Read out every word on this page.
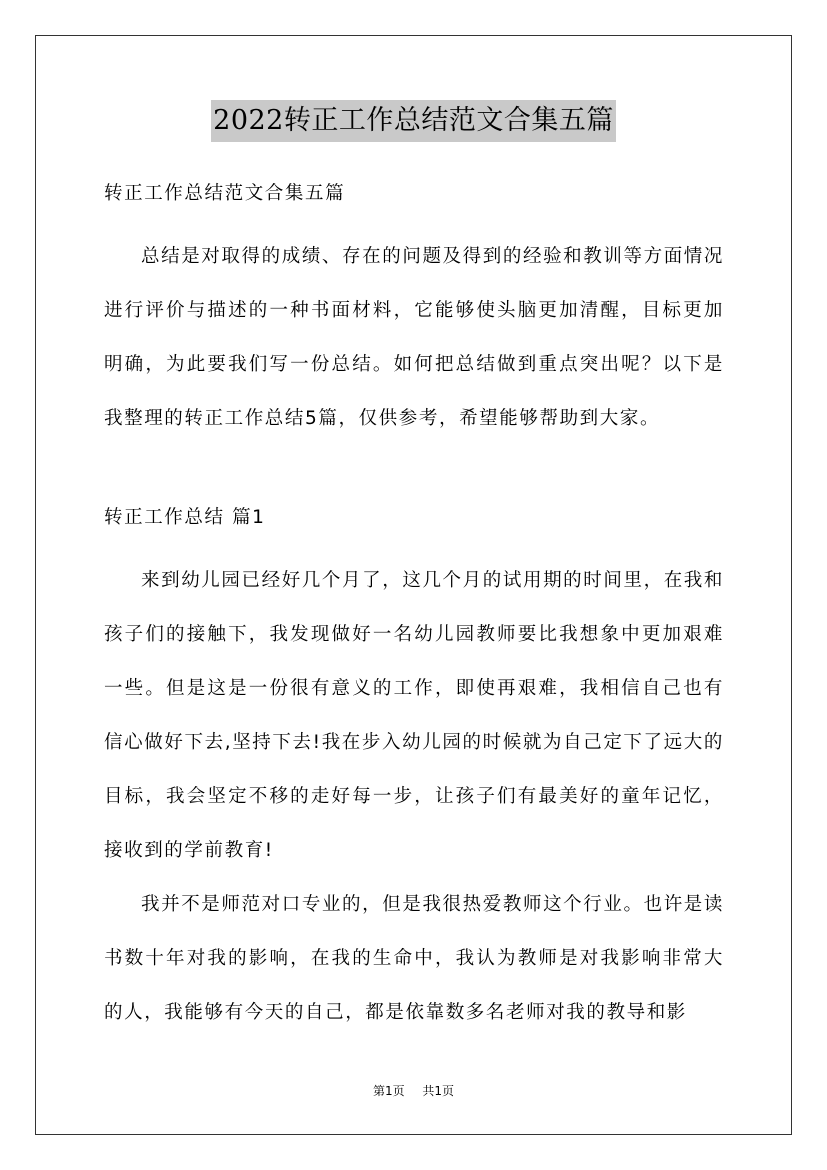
2022转正工作总结范文合集五篇

转正工作总结范文合集五篇

总结是对取得的成绩、存在的问题及得到的经验和教训等方面情况进行评价与描述的一种书面材料，它能够使头脑更加清醒，目标更加明确，为此要我们写一份总结。如何把总结做到重点突出呢？以下是我整理的转正工作总结5篇，仅供参考，希望能够帮助到大家。

转正工作总结 篇1

来到幼儿园已经好几个月了，这几个月的试用期的时间里，在我和孩子们的接触下，我发现做好一名幼儿园教师要比我想象中更加艰难一些。但是这是一份很有意义的工作，即使再艰难，我相信自己也有信心做好下去,坚持下去!我在步入幼儿园的时候就为自己定下了远大的目标，我会坚定不移的走好每一步，让孩子们有最美好的童年记忆，接收到的学前教育!

我并不是师范对口专业的，但是我很热爱教师这个行业。也许是读书数十年对我的影响，在我的生命中，我认为教师是对我影响非常大的人，我能够有今天的自己，都是依靠数多名老师对我的教导和影

第1页 共1页
